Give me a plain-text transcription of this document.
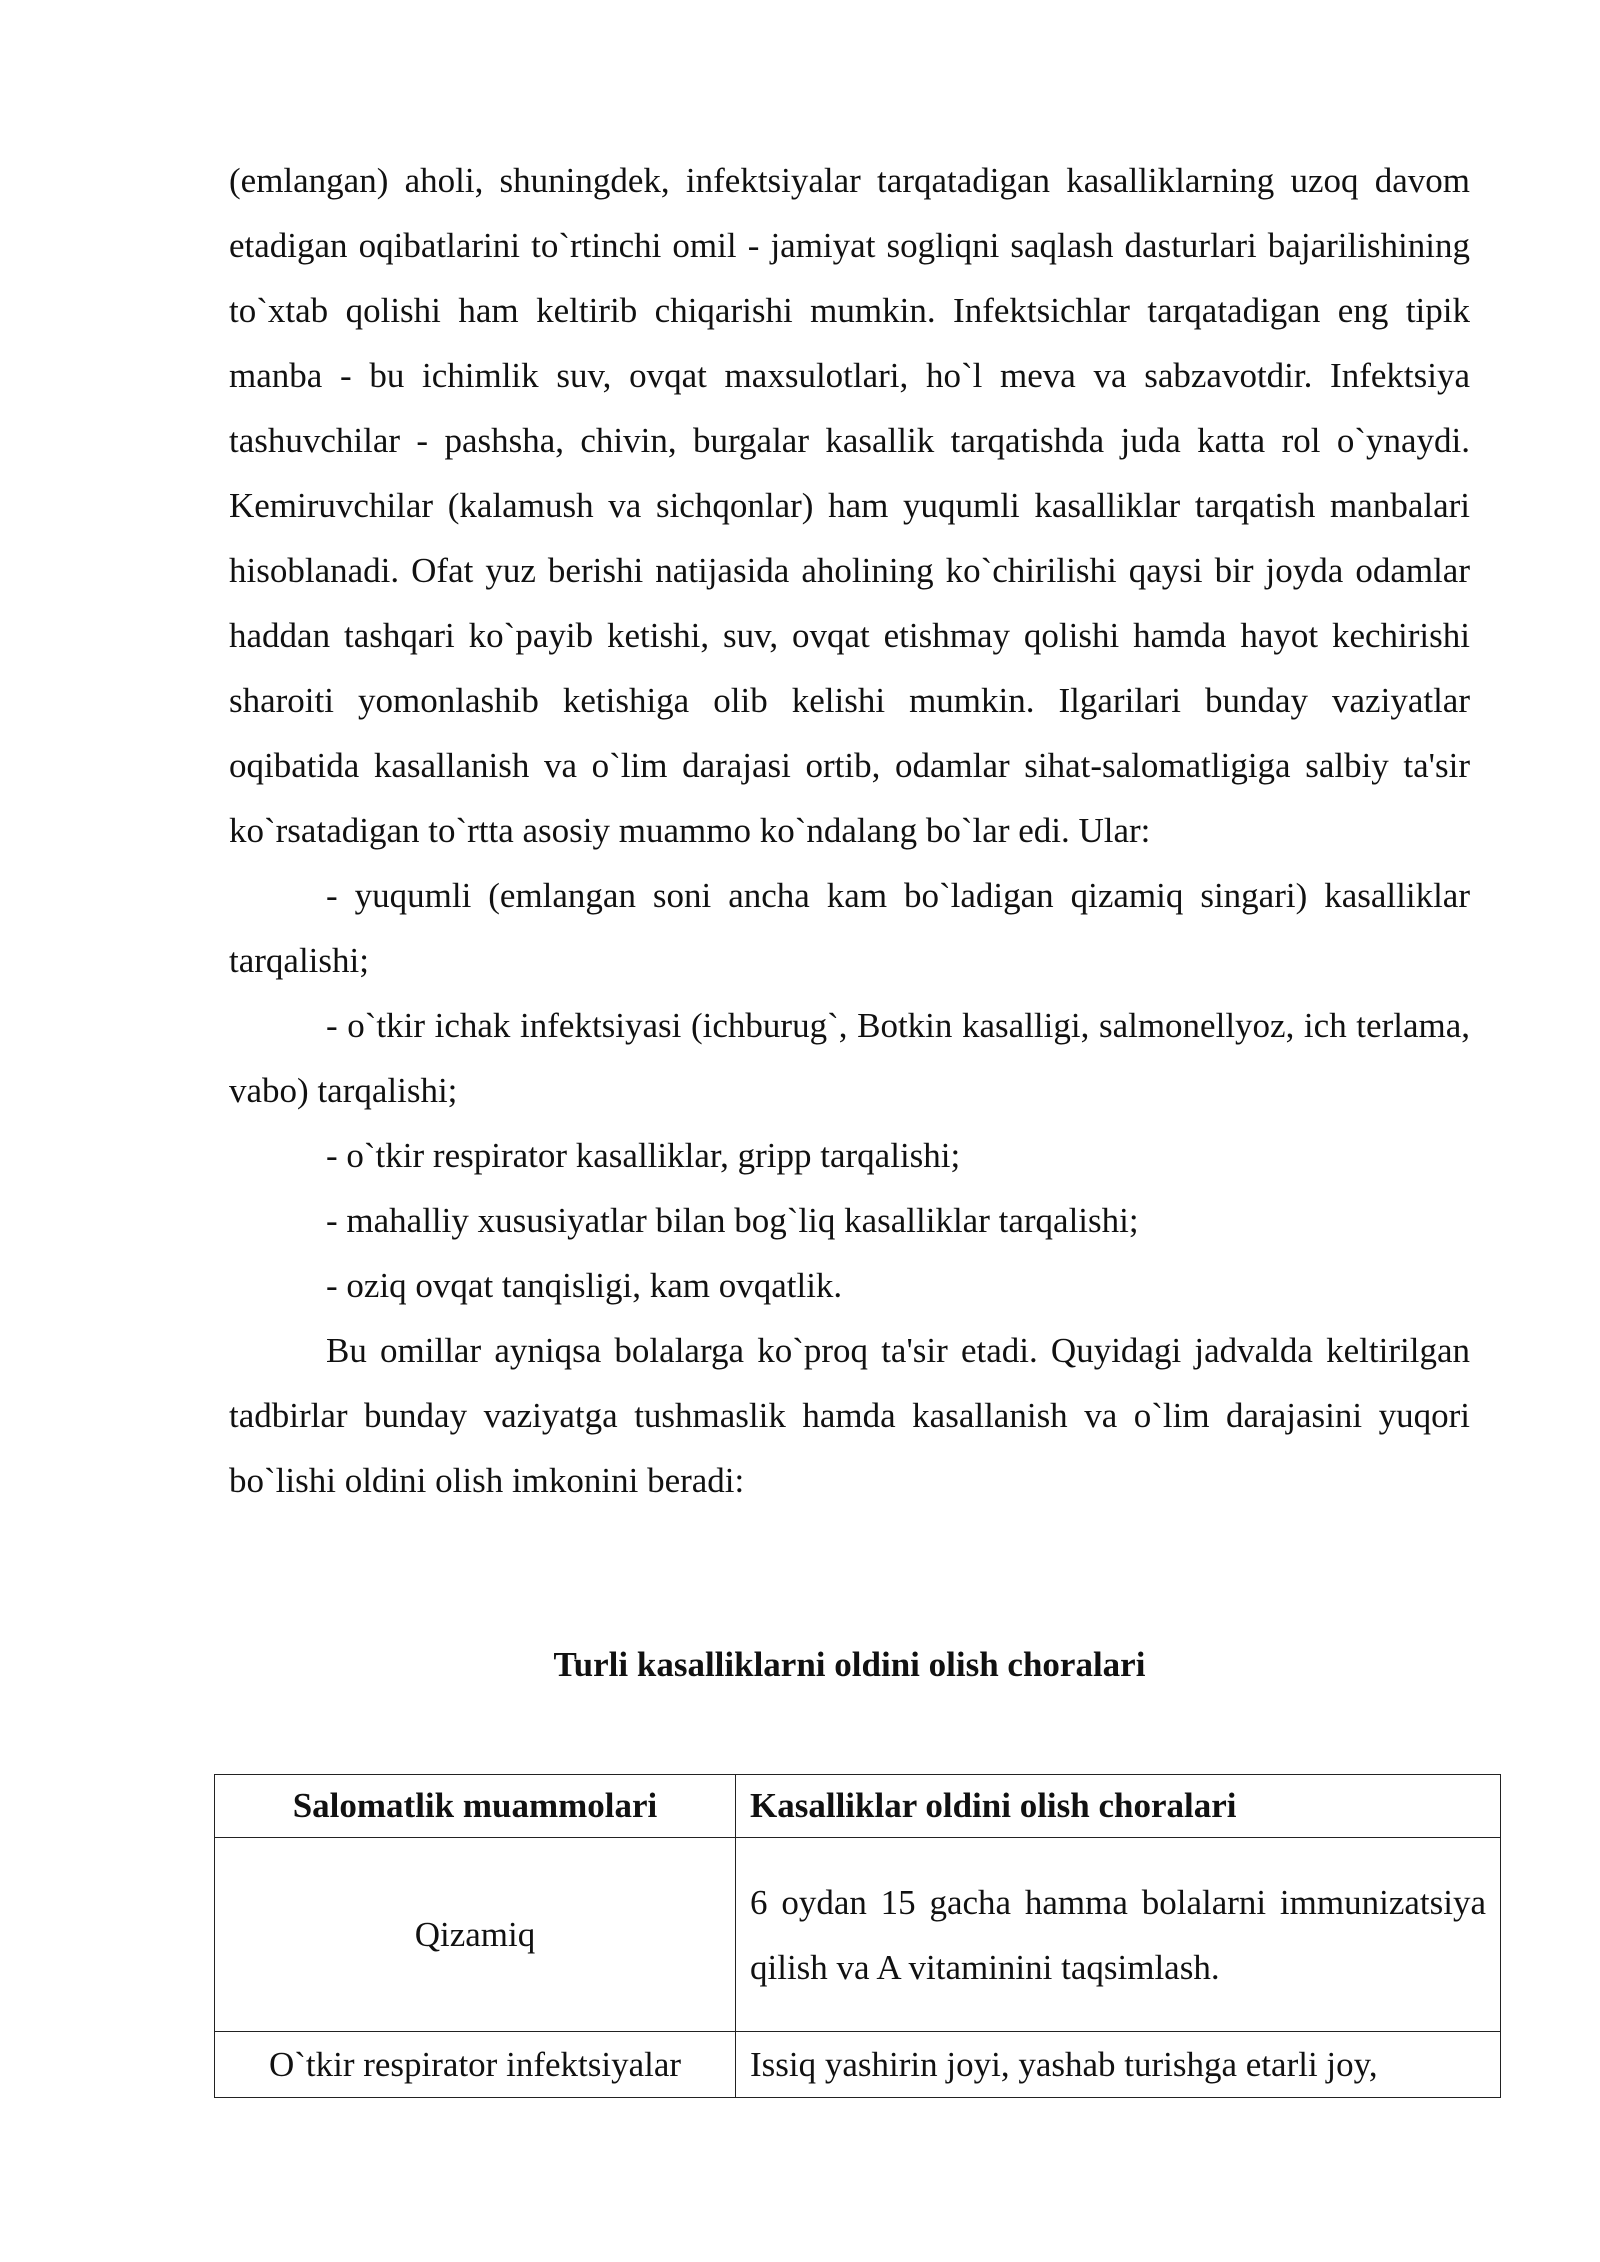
(emlangan) aholi, shuningdek, infektsiyalar tarqatadigan kasalliklarning uzoq davom etadigan oqibatlarini to`rtinchi omil - jamiyat sogliqni saqlash dasturlari bajarilishining to`xtab qolishi ham keltirib chiqarishi mumkin. Infektsichlar tarqatadigan eng tipik manba - bu ichimlik suv, ovqat maxsulotlari, ho`l meva va sabzavotdir. Infektsiya tashuvchilar - pashsha, chivin, burgalar kasallik tarqatishda juda katta rol o`ynaydi. Kemiruvchilar (kalamush va sichqonlar) ham yuqumli kasalliklar tarqatish manbalari hisoblanadi. Ofat yuz berishi natijasida aholining ko`chirilishi qaysi bir joyda odamlar haddan tashqari ko`payib ketishi, suv, ovqat etishmay qolishi hamda hayot kechirishi sharoiti yomonlashib ketishiga olib kelishi mumkin. Ilgarilari bunday vaziyatlar oqibatida kasallanish va o`lim darajasi ortib, odamlar sihat-salomatligiga salbiy ta'sir ko`rsatadigan to`rtta asosiy muammo ko`ndalang bo`lar edi. Ular:

- yuqumli (emlangan soni ancha kam bo`ladigan qizamiq singari) kasalliklar tarqalishi;

- o`tkir ichak infektsiyasi (ichburug`, Botkin kasalligi, salmonellyoz, ich terlama, vabo) tarqalishi;

- o`tkir respirator kasalliklar, gripp tarqalishi;

- mahalliy xususiyatlar bilan bog`liq kasalliklar tarqalishi;

- oziq ovqat tanqisligi, kam ovqatlik.

Bu omillar ayniqsa bolalarga ko`proq ta'sir etadi. Quyidagi jadvalda keltirilgan tadbirlar bunday vaziyatga tushmaslik hamda kasallanish va o`lim darajasini yuqori bo`lishi oldini olish imkonini beradi:

Turli kasalliklarni oldini olish choralari
Salomatlik muammolari	Kasalliklar oldini olish choralari
Qizamiq	6 oydan 15 gacha hamma bolalarni immunizatsiya qilish va A vitaminini taqsimlash.
O`tkir respirator infektsiyalar	Issiq yashirin joyi, yashab turishga etarli joy,
